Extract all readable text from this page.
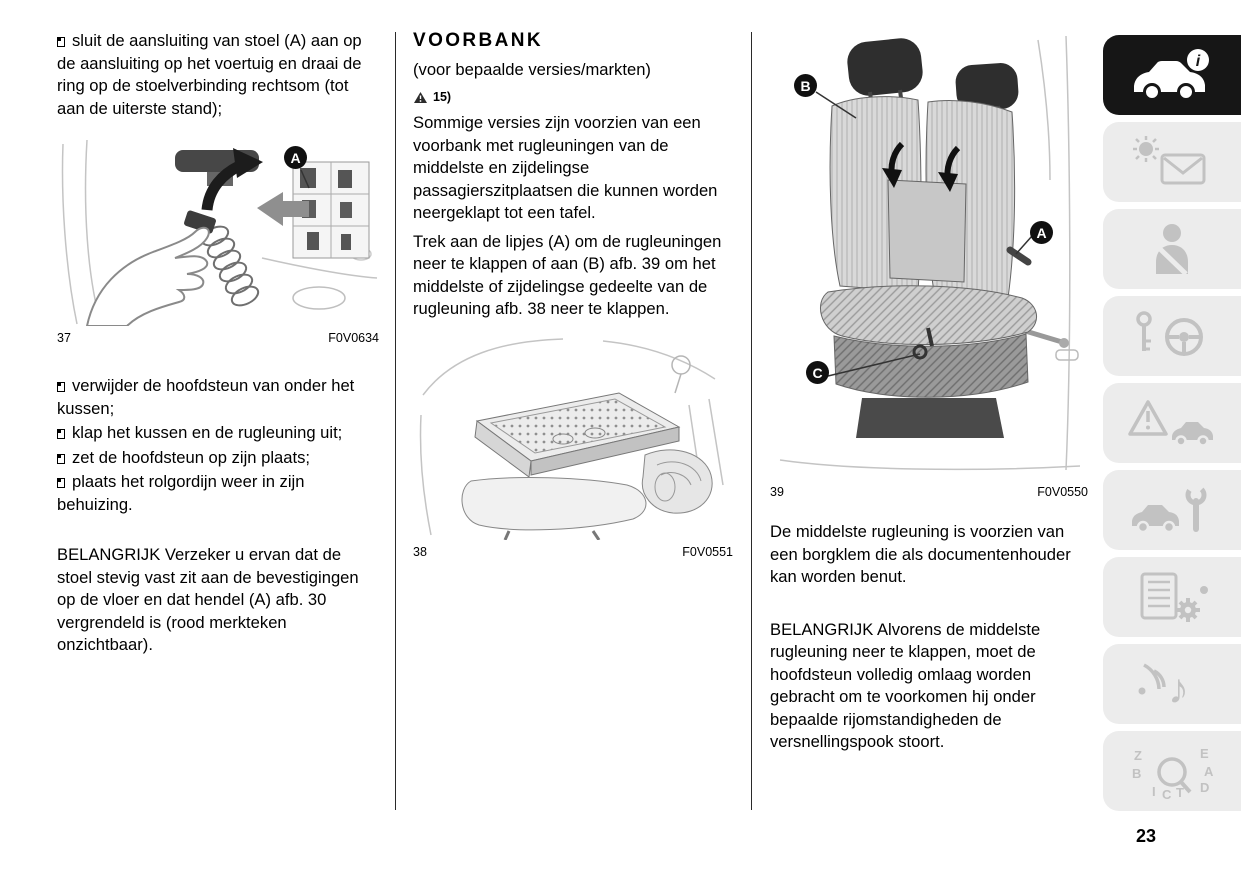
sluit de aansluiting van stoel (A) aan op de aansluiting op het voertuig en draai de ring op de stoelverbinding rechtsom (tot aan de uiterste stand);

A
37	F0V0634

verwijder de hoofdsteun van onder het kussen;

klap het kussen en de rugleuning uit;

zet de hoofdsteun op zijn plaats;

plaats het rolgordijn weer in zijn behuizing.

BELANGRIJK Verzeker u ervan dat de stoel stevig vast zit aan de bevestigingen op de vloer en dat hendel (A) afb. 30 vergrendeld is (rood merkteken onzichtbaar).

VOORBANK

(voor bepaalde versies/markten)

15)

Sommige versies zijn voorzien van een voorbank met rugleuningen van de middelste en zijdelingse passagierszitplaatsen die kunnen worden neergeklapt tot een tafel.

Trek aan de lipjes (A) om de rugleuningen neer te klappen of aan (B) afb. 39 om het middelste of zijdelingse gedeelte van de rugleuning afb. 38 neer te klappen.

38	F0V0551
B
A
C
39	F0V0550

De middelste rugleuning is voorzien van een borgklem die als documentenhouder kan worden benut.

BELANGRIJK Alvorens de middelste rugleuning neer te klappen, moet de hoofdsteun volledig omlaag worden gebracht om te voorkomen hij onder bepaalde rijomstandigheden de versnellingspook stoort.

i
♪
Z	E
B	A
I C T D
23
